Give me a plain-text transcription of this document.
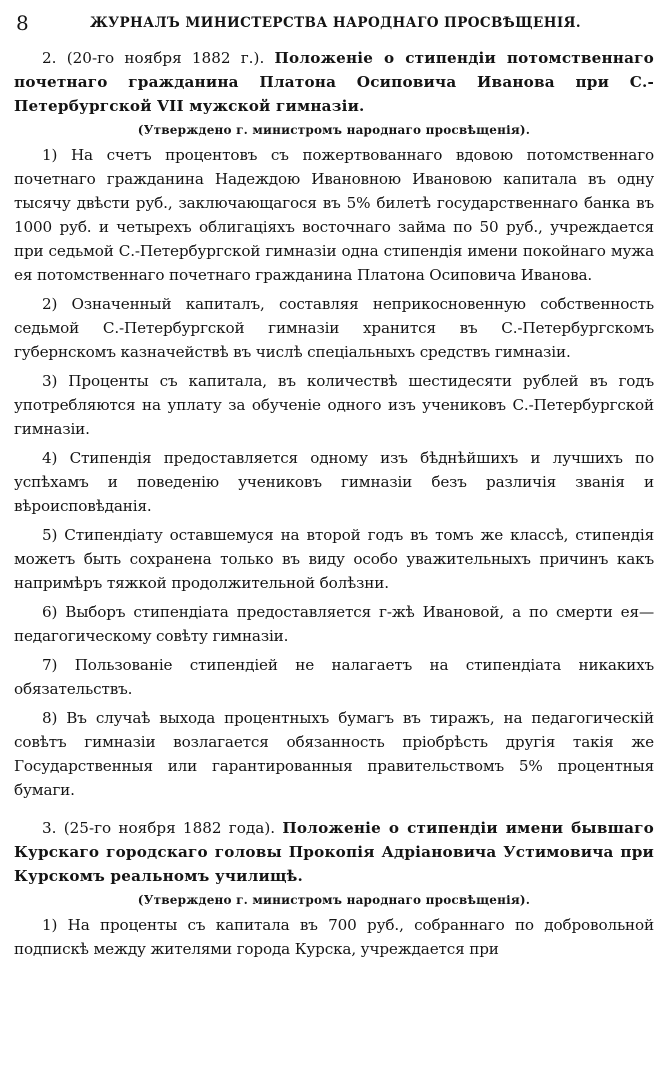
8	ЖУРНАЛЪ МИНИСТЕРСТВА НАРОДНАГО ПРОСВѢЩЕНІЯ.

2. (20-го ноября 1882 г.). Положеніе о стипендіи потомственнаго почетнаго гражданина Платона Осиповича Иванова при С.-Петербургской VII мужской гимназіи.

(Утверждено г. министромъ народнаго просвѣщенія).

1) На счетъ процентовъ съ пожертвованнаго вдовою потомственнаго почетнаго гражданина Надеждою Ивановною Ивановою капитала въ одну тысячу двѣсти руб., заключающагося въ 5% билетѣ государственнаго банка въ 1000 руб. и четырехъ облигаціяхъ восточнаго займа по 50 руб., учреждается при седьмой С.-Петербургской гимназіи одна стипендія имени покойнаго мужа ея потомственнаго почетнаго гражданина Платона Осиповича Иванова.

2) Означенный капиталъ, составляя неприкосновенную собственность седьмой С.-Петербургской гимназіи хранится въ С.-Петербургскомъ губернскомъ казначействѣ въ числѣ спеціальныхъ средствъ гимназіи.

3) Проценты съ капитала, въ количествѣ шестидесяти рублей въ годъ употребляются на уплату за обученіе одного изъ учениковъ С.-Петербургской гимназіи.

4) Стипендія предоставляется одному изъ бѣднѣйшихъ и лучшихъ по успѣхамъ и поведенію учениковъ гимназіи безъ различія званія и вѣроисповѣданія.

5) Стипендіату оставшемуся на второй годъ въ томъ же классѣ, стипендія можетъ быть сохранена только въ виду особо уважительныхъ причинъ какъ напримѣръ тяжкой продолжительной болѣзни.

6) Выборъ стипендіата предоставляется г-жѣ Ивановой, а по смерти ея—педагогическому совѣту гимназіи.

7) Пользованіе стипендіей не налагаетъ на стипендіата никакихъ обязательствъ.

8) Въ случаѣ выхода процентныхъ бумагъ въ тиражъ, на педагогическій совѣтъ гимназіи возлагается обязанность пріобрѣсть другія такія же Государственныя или гарантированныя правительствомъ 5% процентныя бумаги.

3. (25-го ноября 1882 года). Положеніе о стипендіи имени бывшаго Курскаго городскаго головы Прокопія Адріановича Устимовича при Курскомъ реальномъ училищѣ.

(Утверждено г. министромъ народнаго просвѣщенія).

1) На проценты съ капитала въ 700 руб., собраннаго по добровольной подпискѣ между жителями города Курска, учреждается при
